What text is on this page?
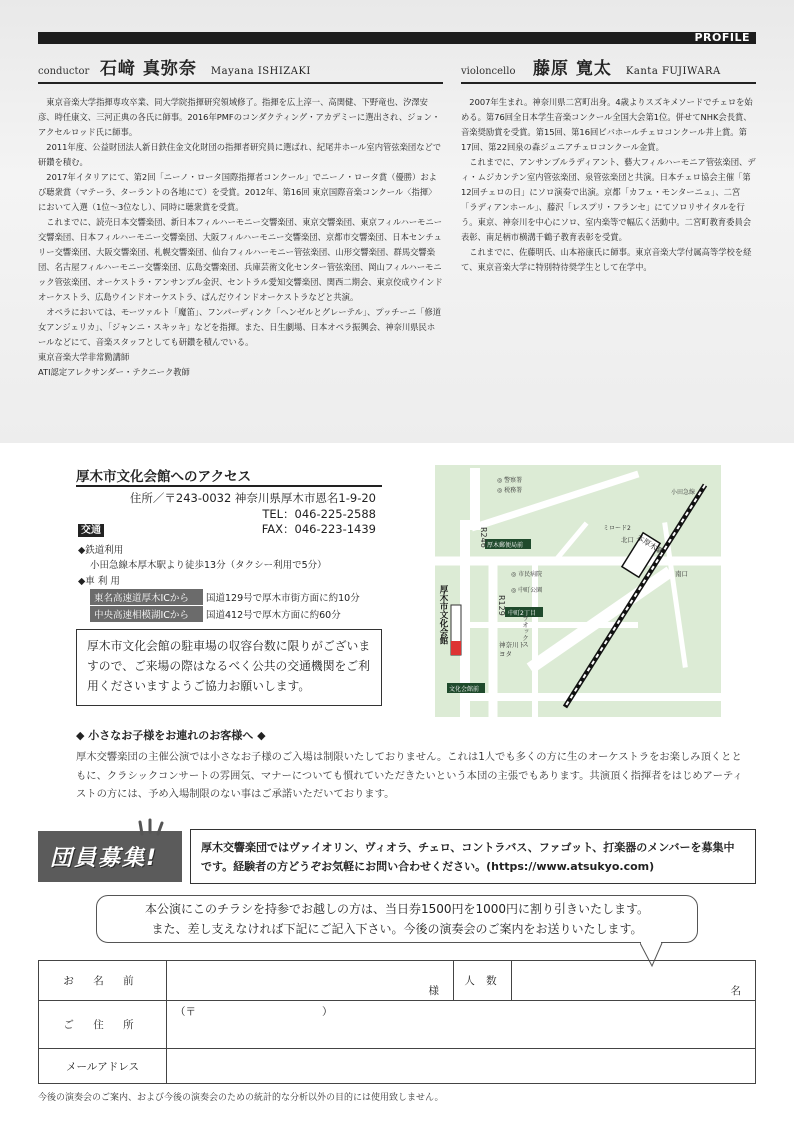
PROFILE
conductor 石﨑 真弥奈 Mayana ISHIZAKI

東京音楽大学指揮専攻卒業、同大学院指揮研究領域修了。指揮を広上淳一、高関健、下野竜也、汐澤安彦、時任康文、三河正典の各氏に師事。2016年PMFのコンダクティング・アカデミーに選出され、ジョン・アクセルロッド氏に師事。

2011年度、公益財団法人新日鉄住金文化財団の指揮者研究員に選ばれ、紀尾井ホール室内管弦楽団などで研鑽を積む。

2017年イタリアにて、第2回「ニーノ・ロータ国際指揮者コンクール」でニーノ・ロータ賞（優勝）および聴衆賞（マテーラ、ターラントの各地にて）を受賞。2012年、第16回 東京国際音楽コンクール〈指揮〉において入選（1位〜3位なし）、同時に聴衆賞を受賞。

これまでに、読売日本交響楽団、新日本フィルハーモニー交響楽団、東京交響楽団、東京フィルハーモニー交響楽団、日本フィルハーモニー交響楽団、大阪フィルハーモニー交響楽団、京都市交響楽団、日本センチュリー交響楽団、大阪交響楽団、札幌交響楽団、仙台フィルハーモニー管弦楽団、山形交響楽団、群馬交響楽団、名古屋フィルハーモニー交響楽団、広島交響楽団、兵庫芸術文化センター管弦楽団、岡山フィルハーモニック管弦楽団、オーケストラ・アンサンブル金沢、セントラル愛知交響楽団、関西二期会、東京佼成ウインドオーケストラ、広島ウインドオーケストラ、ぱんだウインドオーケストラなどと共演。

オペラにおいては、モーツァルト「魔笛」、フンパーディンク「ヘンゼルとグレーテル」、プッチーニ「修道女アンジェリカ」、「ジャンニ・スキッキ」などを指揮。また、日生劇場、日本オペラ振興会、神奈川県民ホールなどにて、音楽スタッフとしても研鑽を積んでいる。

東京音楽大学非常勤講師

ATI認定アレクサンダー・テクニーク教師

violoncello	藤原 寛太 Kanta FUJIWARA

2007年生まれ。神奈川県二宮町出身。4歳よりスズキメソードでチェロを始める。第76回全日本学生音楽コンクール全国大会第1位。併せてNHK会長賞、音楽奨励賞を受賞。第15回、第16回ビバホールチェロコンクール井上賞。第17回、第22回泉の森ジュニアチェロコンクール金賞。

これまでに、アンサンブルラディアント、藝大フィルハーモニア管弦楽団、ディ・ムジカンテン室内管弦楽団、泉管弦楽団と共演。日本チェロ協会主催「第12回チェロの日」にソロ演奏で出演。京都「カフェ・モンターニュ」、二宮「ラディアンホール」、藤沢「レスプリ・フランセ」にてソロリサイタルを行う。東京、神奈川を中心にソロ、室内楽等で幅広く活動中。二宮町教育委員会表彰、南足柄市横溝千鶴子教育表彰を受賞。

これまでに、佐藤明氏、山本裕康氏に師事。東京音楽大学付属高等学校を経て、東京音楽大学に特別特待奨学生として在学中。

厚木市文化会館へのアクセス
住所／〒243-0032 神奈川県厚木市恩名1-9-20
TEL：046-225-2588
FAX：046-223-1439
交通
◆鉄道利用
小田急線本厚木駅より徒歩13分（タクシー利用で5分）
◆車 利 用
東名高速道厚木ICから 国道129号で厚木市街方面に約10分
中央高速相模湖ICから 国道412号で厚木方面に約60分
厚木市文化会館の駐車場の収容台数に限りがございますので、ご来場の際はなるべく公共の交通機関をご利用くださいますようご協力お願いします。
R246
R129
厚木市文化会館
文化会館前
本厚木駅
厚木郵便局前
中町2丁目
神奈川トヨタ
ラオックス
◎ 警察署
◎ 税務署
◎ 市民病院
◎ 中町公園
南口
北口
ミロード2
小田急線
◆ 小さなお子様をお連れのお客様へ ◆
厚木交響楽団の主催公演では小さなお子様のご入場は制限いたしておりません。これは1人でも多くの方に生のオーケストラをお楽しみ頂くとともに、クラシックコンサートの雰囲気、マナーについても慣れていただきたいという本団の主張でもあります。共演頂く指揮者をはじめアーティストの方には、予め入場制限のない事はご承諾いただいております。
団員募集!	厚木交響楽団ではヴァイオリン、ヴィオラ、チェロ、コントラバス、ファゴット、打楽器のメンバーを募集中です。経験者の方どうぞお気軽にお問い合わせください。(https://www.atsukyo.com)
本公演にこのチラシを持参でお越しの方は、当日券1500円を1000円に割り引きいたします。
また、差し支えなければ下記にご記入下さい。今後の演奏会のご案内をお送りいたします。
お 名 前	様	人 数	名

ご 住 所	（〒　　　　　　　　　　　　）		
メールアドレス			
今後の演奏会のご案内、および今後の演奏会のための統計的な分析以外の目的には使用致しません。
